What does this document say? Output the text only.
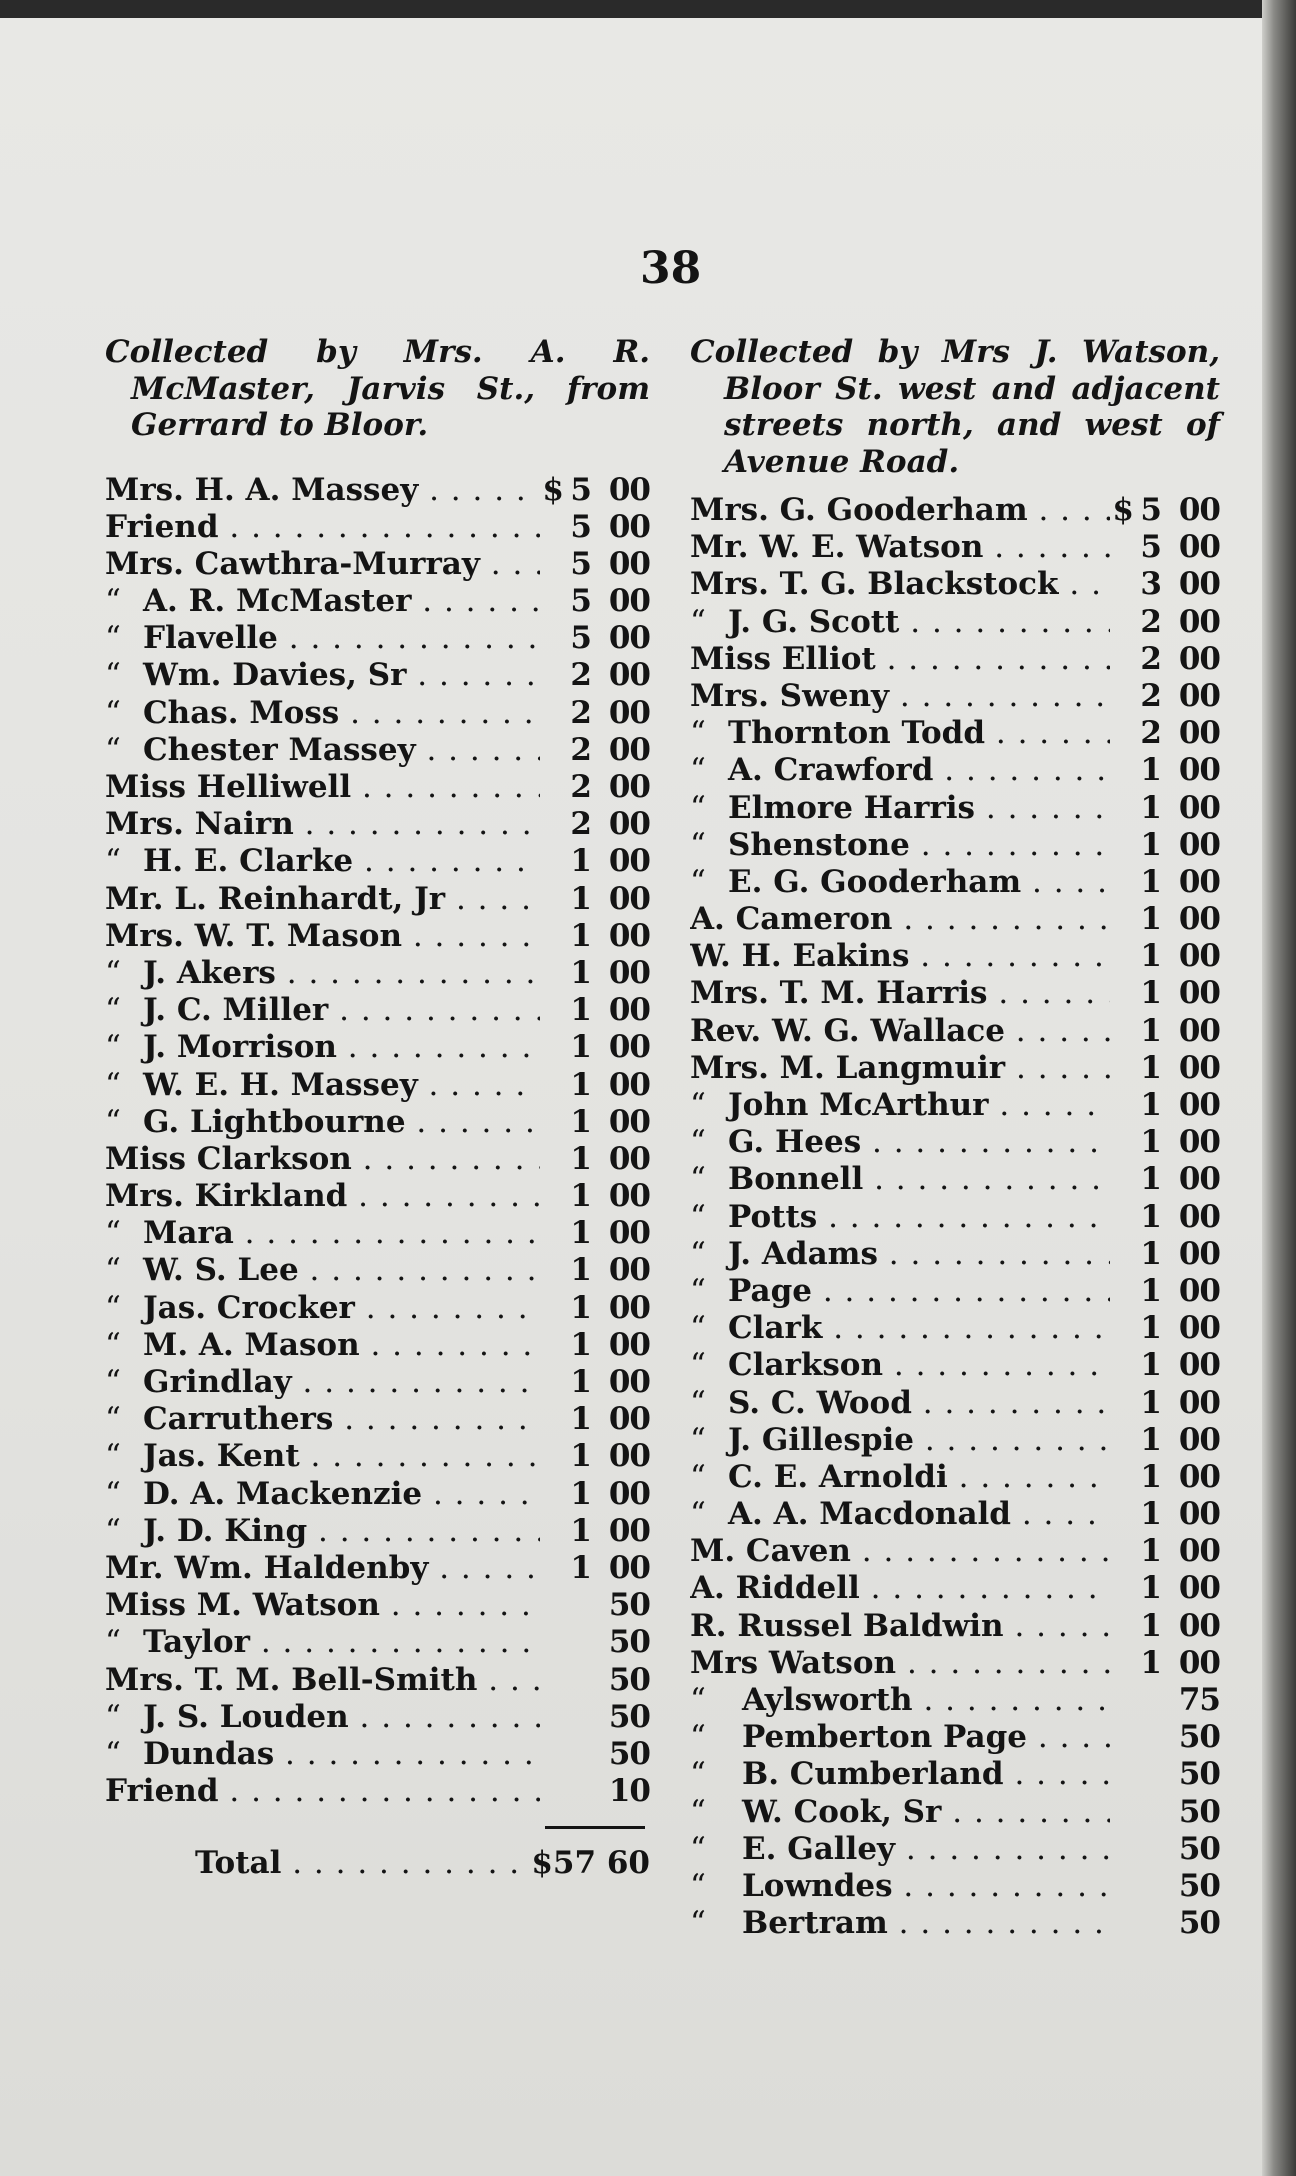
38

Collected by Mrs. A. R. McMaster, Jarvis St., from Gerrard to Bloor.

Mrs. H. A. Massey . . .	$ 5 00
Friend . . .	5 00
Mrs. Cawthra-Murray . . .	5 00
“ A. R. McMaster . . .	5 00
“ Flavelle . . .	5 00
“ Wm. Davies, Sr . . .	2 00
“ Chas. Moss . . .	2 00
“ Chester Massey . . .	2 00
Miss Helliwell . . .	2 00
Mrs. Nairn . . .	2 00
“ H. E. Clarke . . .	1 00
Mr. L. Reinhardt, Jr . . .	1 00
Mrs. W. T. Mason . . .	1 00
“ J. Akers . . .	1 00
“ J. C. Miller . . .	1 00
“ J. Morrison . . .	1 00
“ W. E. H. Massey . . .	1 00
“ G. Lightbourne . . .	1 00
Miss Clarkson . . .	1 00
Mrs. Kirkland . . .	1 00
“ Mara . . .	1 00
“ W. S. Lee . . .	1 00
“ Jas. Crocker . . .	1 00
“ M. A. Mason . . .	1 00
“ Grindlay . . .	1 00
“ Carruthers . . .	1 00
“ Jas. Kent . . .	1 00
“ D. A. Mackenzie . . .	1 00
“ J. D. King . . .	1 00
Mr. Wm. Haldenby . . .	1 00
Miss M. Watson . . .	50
“ Taylor . . .	50
Mrs. T. M. Bell-Smith . . .	50
“ J. S. Louden . . .	50
“ Dundas . . .	50
Friend . . .	10
Total . . .	$57 60

Collected by Mrs J. Watson, Bloor St. west and adjacent streets north, and west of Avenue Road.

Mrs. G. Gooderham . . .	$ 5 00
Mr. W. E. Watson . . .	5 00
Mrs. T. G. Blackstock . . .	3 00
“ J. G. Scott . . .	2 00
Miss Elliot . . .	2 00
Mrs. Sweny . . .	2 00
“ Thornton Todd . . .	2 00
“ A. Crawford . . .	1 00
“ Elmore Harris . . .	1 00
“ Shenstone . . .	1 00
“ E. G. Gooderham . . .	1 00
A. Cameron . . .	1 00
W. H. Eakins . . .	1 00
Mrs. T. M. Harris . . .	1 00
Rev. W. G. Wallace . . .	1 00
Mrs. M. Langmuir . . .	1 00
“ John McArthur . . .	1 00
“ G. Hees . . .	1 00
“ Bonnell . . .	1 00
“ Potts . . .	1 00
“ J. Adams . . .	1 00
“ Page . . .	1 00
“ Clark . . .	1 00
“ Clarkson . . .	1 00
“ S. C. Wood . . .	1 00
“ J. Gillespie . . .	1 00
“ C. E. Arnoldi . . .	1 00
“ A. A. Macdonald . . .	1 00
M. Caven . . .	1 00
A. Riddell . . .	1 00
R. Russel Baldwin . . .	1 00
Mrs Watson . . .	1 00
“ Aylsworth . . .	75
“ Pemberton Page . . .	50
“ B. Cumberland . . .	50
“ W. Cook, Sr . . .	50
“ E. Galley . . .	50
“ Lowndes . . .	50
“ Bertram . . .	50
